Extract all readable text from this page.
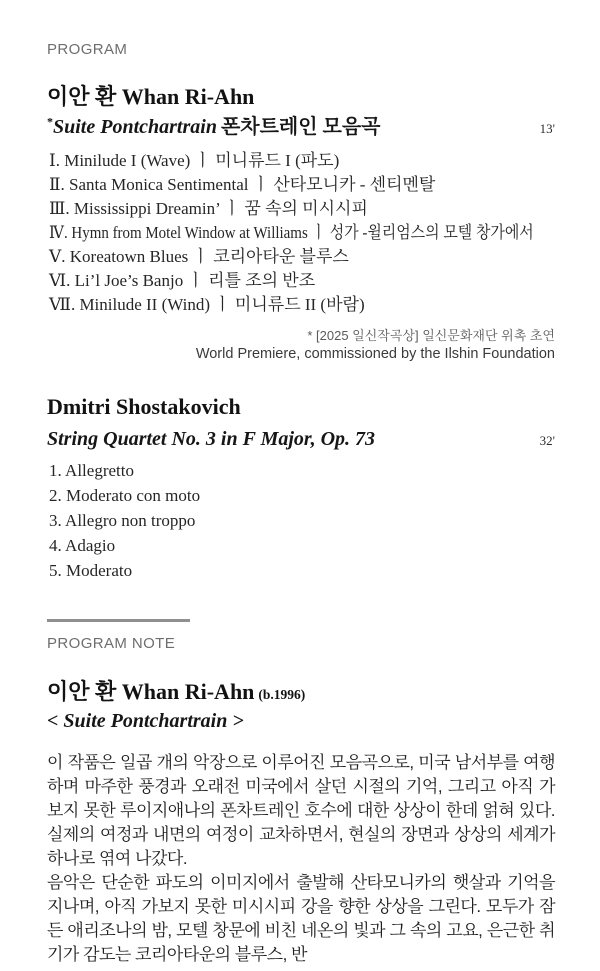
PROGRAM
이안 환 Whan Ri-Ahn
*Suite Pontchartrain 폰차트레인 모음곡	13'
Ⅰ. Minilude I (Wave) ㅣ 미니류드 I (파도)
Ⅱ. Santa Monica Sentimental ㅣ 산타모니카 - 센티멘탈
Ⅲ. Mississippi Dreamin’ ㅣ 꿈 속의 미시시피
Ⅳ. Hymn from Motel Window at Williams ㅣ 성가 -윌리엄스의 모텔 창가에서
Ⅴ. Koreatown Blues ㅣ 코리아타운 블루스
Ⅵ. Li’l Joe’s Banjo ㅣ 리틀 조의 반조
Ⅶ. Minilude II (Wind) ㅣ 미니류드 II (바람)
* [2025 일신작곡상] 일신문화재단 위촉 초연
World Premiere, commissioned by the Ilshin Foundation
Dmitri Shostakovich
String Quartet No. 3 in F Major, Op. 73	32'
1. Allegretto
2. Moderato con moto
3. Allegro non troppo
4. Adagio
5. Moderato
PROGRAM NOTE
이안 환 Whan Ri-Ahn (b.1996)
< Suite Pontchartrain >

이 작품은 일곱 개의 악장으로 이루어진 모음곡으로, 미국 남서부를 여행하며 마주한 풍경과 오래전 미국에서 살던 시절의 기억, 그리고 아직 가보지 못한 루이지애나의 폰차트레인 호수에 대한 상상이 한데 얽혀 있다. 실제의 여정과 내면의 여정이 교차하면서, 현실의 장면과 상상의 세계가 하나로 엮여 나갔다.

음악은 단순한 파도의 이미지에서 출발해 산타모니카의 햇살과 기억을 지나며, 아직 가보지 못한 미시시피 강을 향한 상상을 그린다. 모두가 잠든 애리조나의 밤, 모텔 창문에 비친 네온의 빛과 그 속의 고요, 은근한 취기가 감도는 코리아타운의 블루스, 반
